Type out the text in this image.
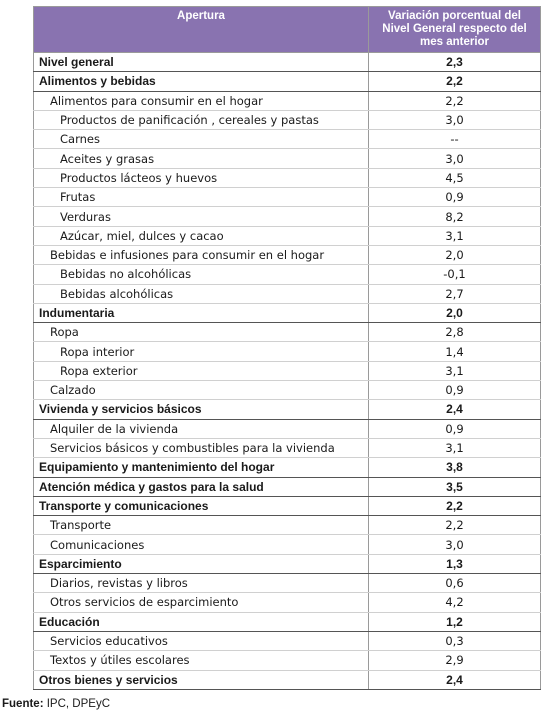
Apertura	Variación porcentual del Nivel General respecto del mes anterior
Nivel general	2,3
Alimentos y bebidas	2,2
Alimentos para consumir en el hogar	2,2
Productos de panificación , cereales y pastas	3,0
Carnes	--
Aceites y grasas	3,0
Productos lácteos y huevos	4,5
Frutas	0,9
Verduras	8,2
Azúcar, miel, dulces y cacao	3,1
Bebidas e infusiones para consumir en el hogar	2,0
Bebidas no alcohólicas	-0,1
Bebidas alcohólicas	2,7
Indumentaria	2,0
Ropa	2,8
Ropa interior	1,4
Ropa exterior	3,1
Calzado	0,9
Vivienda y servicios básicos	2,4
Alquiler de la vivienda	0,9
Servicios básicos y combustibles para la vivienda	3,1
Equipamiento y mantenimiento del hogar	3,8
Atención médica y gastos para la salud	3,5
Transporte y comunicaciones	2,2
Transporte	2,2
Comunicaciones	3,0
Esparcimiento	1,3
Diarios, revistas y libros	0,6
Otros servicios de esparcimiento	4,2
Educación	1,2
Servicios educativos	0,3
Textos y útiles escolares	2,9
Otros bienes y servicios	2,4
Fuente: IPC, DPEyC
